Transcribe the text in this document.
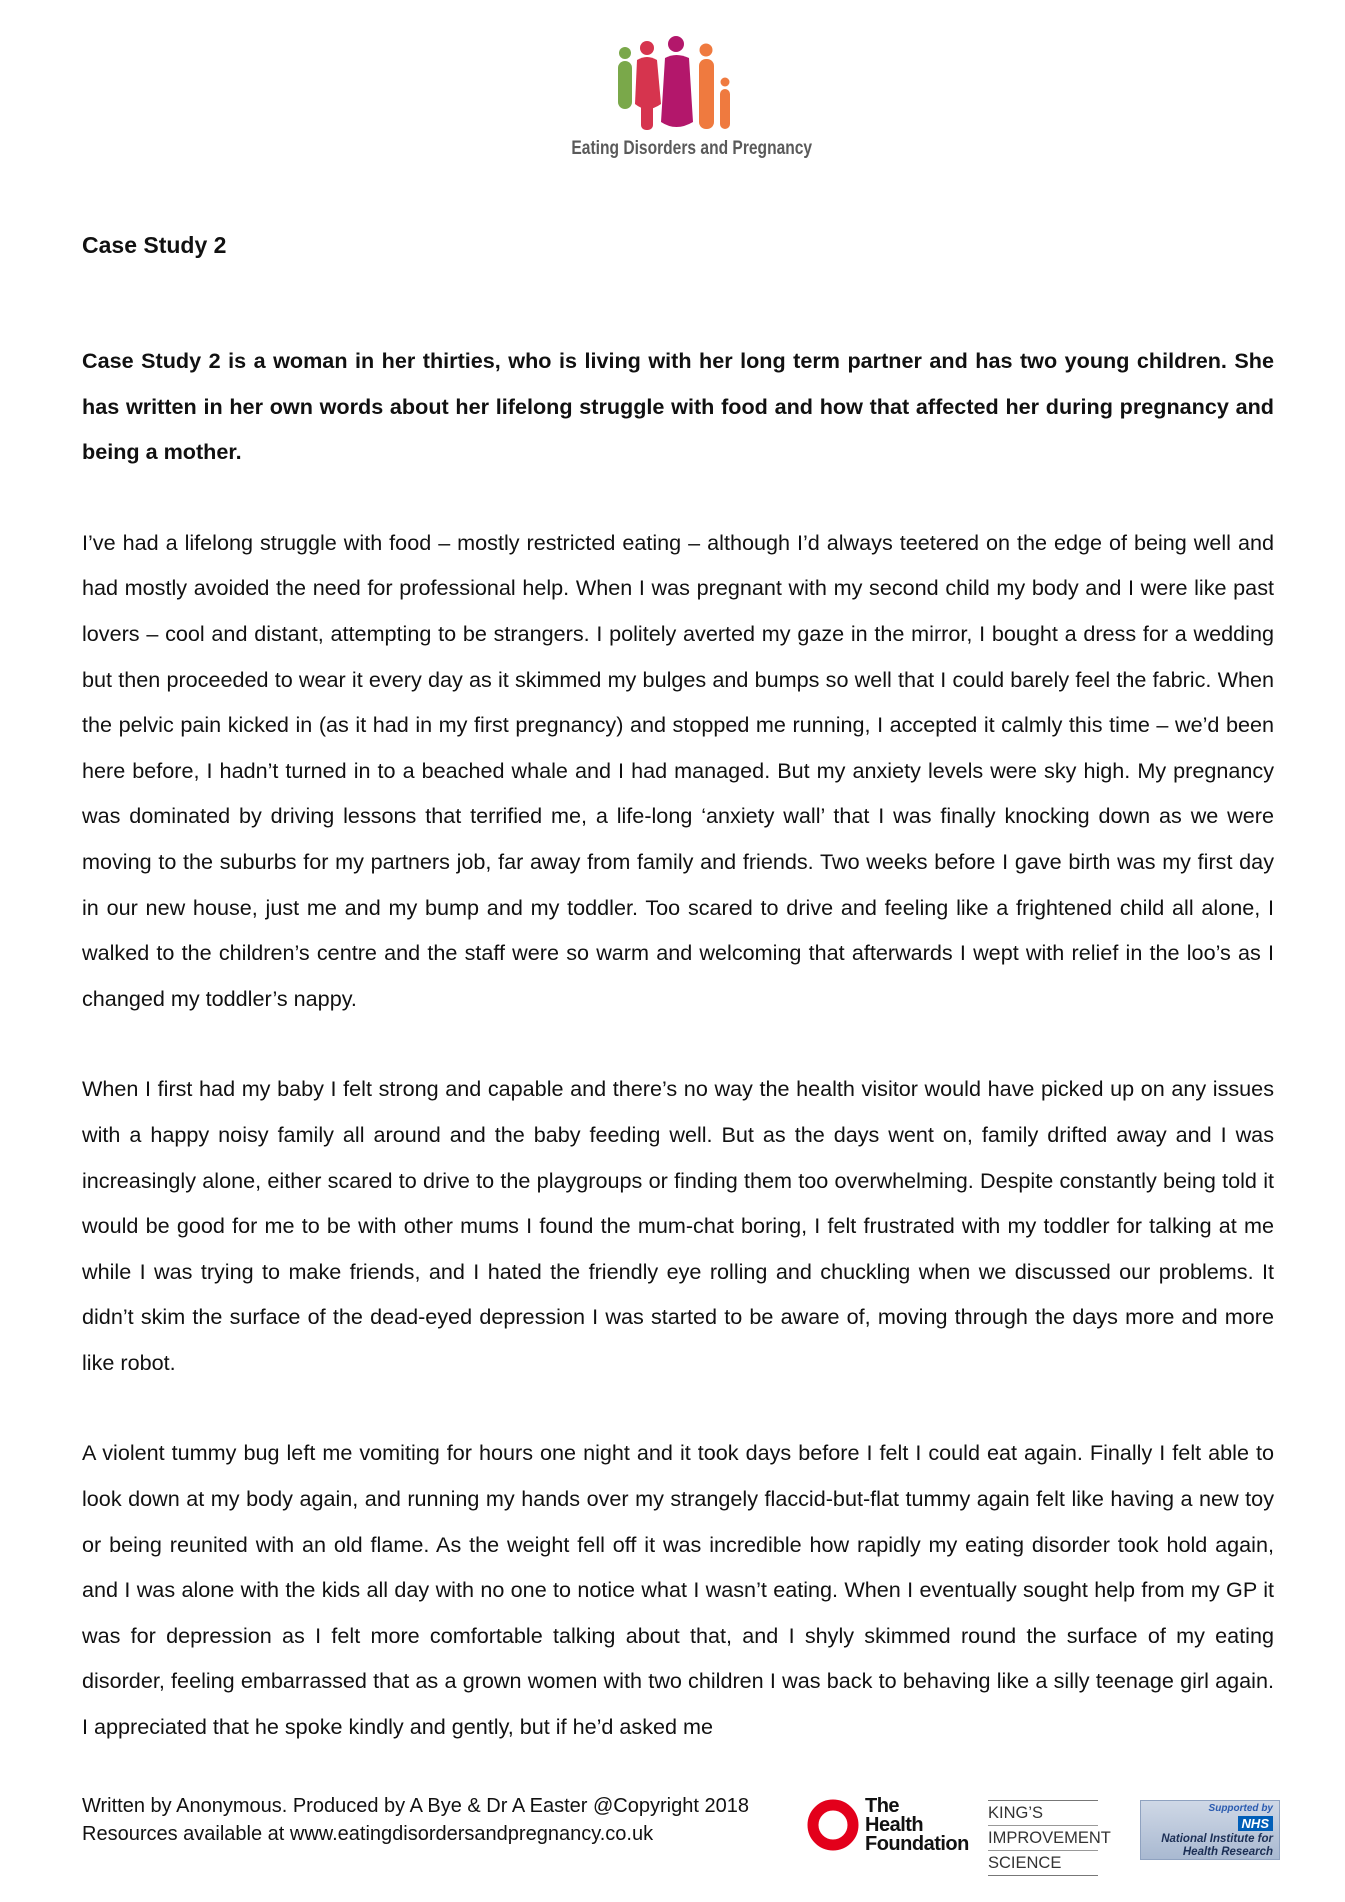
Eating Disorders and Pregnancy
Case Study 2

Case Study 2 is a woman in her thirties, who is living with her long term partner and has two young children. She has written in her own words about her lifelong struggle with food and how that affected her during pregnancy and being a mother.

I’ve had a lifelong struggle with food – mostly restricted eating – although I’d always teetered on the edge of being well and had mostly avoided the need for professional help. When I was pregnant with my second child my body and I were like past lovers – cool and distant, attempting to be strangers. I politely averted my gaze in the mirror, I bought a dress for a wedding but then proceeded to wear it every day as it skimmed my bulges and bumps so well that I could barely feel the fabric. When the pelvic pain kicked in (as it had in my first pregnancy) and stopped me running, I accepted it calmly this time – we’d been here before, I hadn’t turned in to a beached whale and I had managed. But my anxiety levels were sky high. My pregnancy was dominated by driving lessons that terrified me, a life-long ‘anxiety wall’ that I was finally knocking down as we were moving to the suburbs for my partners job, far away from family and friends. Two weeks before I gave birth was my first day in our new house, just me and my bump and my toddler. Too scared to drive and feeling like a frightened child all alone, I walked to the children’s centre and the staff were so warm and welcoming that afterwards I wept with relief in the loo’s as I changed my toddler’s nappy.

When I first had my baby I felt strong and capable and there’s no way the health visitor would have picked up on any issues with a happy noisy family all around and the baby feeding well. But as the days went on, family drifted away and I was increasingly alone, either scared to drive to the playgroups or finding them too overwhelming. Despite constantly being told it would be good for me to be with other mums I found the mum-chat boring, I felt frustrated with my toddler for talking at me while I was trying to make friends, and I hated the friendly eye rolling and chuckling when we discussed our problems. It didn’t skim the surface of the dead-eyed depression I was started to be aware of, moving through the days more and more like robot.

A violent tummy bug left me vomiting for hours one night and it took days before I felt I could eat again. Finally I felt able to look down at my body again, and running my hands over my strangely flaccid-but-flat tummy again felt like having a new toy or being reunited with an old flame. As the weight fell off it was incredible how rapidly my eating disorder took hold again, and I was alone with the kids all day with no one to notice what I wasn’t eating. When I eventually sought help from my GP it was for depression as I felt more comfortable talking about that, and I shyly skimmed round the surface of my eating disorder, feeling embarrassed that as a grown women with two children I was back to behaving like a silly teenage girl again. I appreciated that he spoke kindly and gently, but if he’d asked me

Written by Anonymous. Produced by A Bye & Dr A Easter @Copyright 2018
Resources available at www.eatingdisordersandpregnancy.co.uk
The
Health
Foundation
KING’S
IMPROVEMENT
SCIENCE
Supported by
NHS
National Institute for
Health Research
